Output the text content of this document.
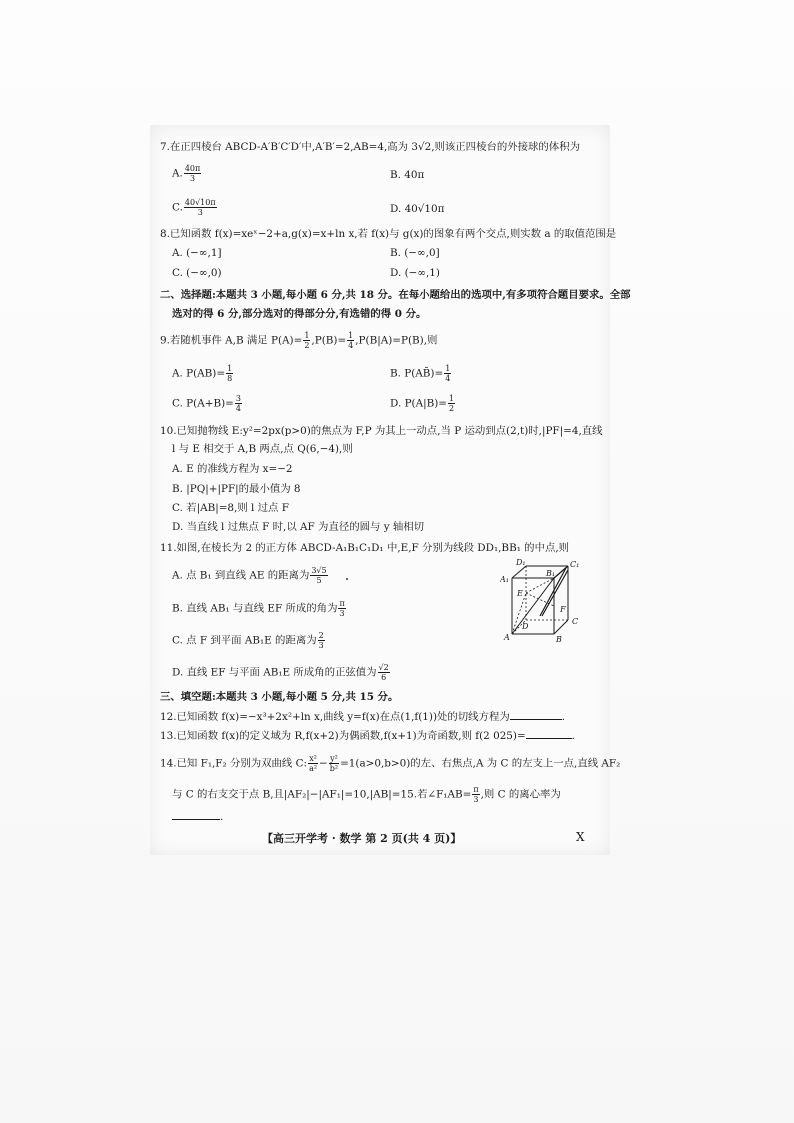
7.在正四棱台 ABCD-A′B′C′D′中,A′B′=2,AB=4,高为 3√2,则该正四棱台的外接球的体积为
A. $\frac{40\pi}{3}$	B. 40π
C. $\frac{40√10\pi}{3}$	D. 40√10π
8.已知函数 f(x)=xeˣ−2+a,g(x)=x+ln x,若 f(x)与 g(x)的图象有两个交点,则实数 a 的取值范围是
A. (−∞,1]	B. (−∞,0]
C. (−∞,0)	D. (−∞,1)
二、选择题:本题共 3 小题,每小题 6 分,共 18 分。在每小题给出的选项中,有多项符合题目要求。全部
选对的得 6 分,部分选对的得部分分,有选错的得 0 分。
9.若随机事件 A,B 满足 $P(A)= \frac{1}{2} ,P(B)= \frac{1}{4} ,P(B|A)=P(B)$,则
A. $P(AB)= \frac{1}{8}$	B. P(AB̄)= $\frac{1}{4}$
C. $P(A+B)= \frac{3}{4}$	D. $P(A|B)= \frac{1}{2}$
10.已知抛物线 E:y²=2px(p>0)的焦点为 F,P 为其上一动点,当 P 运动到点(2,t)时,|PF|=4,直线
l 与 E 相交于 A,B 两点,点 Q(6,−4),则
A. E 的准线方程为 x=−2
B. |PQ|+|PF|的最小值为 8
C. 若|AB|=8,则 l 过点 F
D. 当直线 l 过焦点 F 时,以 AF 为直径的圆与 y 轴相切
11.如图,在棱长为 2 的正方体 ABCD-A₁B₁C₁D₁ 中,E,F 分别为线段 DD₁,BB₁ 的中点,则
A. 点 B₁ 到直线 AE 的距离为 $\frac{3√5}{5}$
B. 直线 AB₁ 与直线 EF 所成的角为 $\frac{\pi}{3}$
C. 点 F 到平面 AB₁E 的距离为 $\frac{2}{3}$
D. 直线 EF 与平面 AB₁E 所成角的正弦值为 $\frac{√2}{6}$
D₁	C₁
A₁
B₁
E
F
D
C
A	B
三、填空题:本题共 3 小题,每小题 5 分,共 15 分。
12.已知函数 f(x)=−x³+2x²+ln x,曲线 y=f(x)在点(1,f(1))处的切线方程为	.
13.已知函数 f(x)的定义域为 R,f(x+2)为偶函数,f(x+1)为奇函数,则 f(2 025)=	.
14.已知 F₁,F₂ 分别为双曲线 C: $\frac{\text{x²}}{\text{a²}} - \frac{\text{y²}}{\text{b²}} =1(a>0,b>0)$的左、右焦点,A 为 C 的左支上一点,直线 AF₂
与 C 的右支交于点 B,且|AF₂|−|AF₁|=10,|AB|=15.若∠F₁AB= $\frac{\pi}{3}$ ,则 C 的离心率为
.
【高三开学考 · 数学 第 2 页(共 4 页)】	X
